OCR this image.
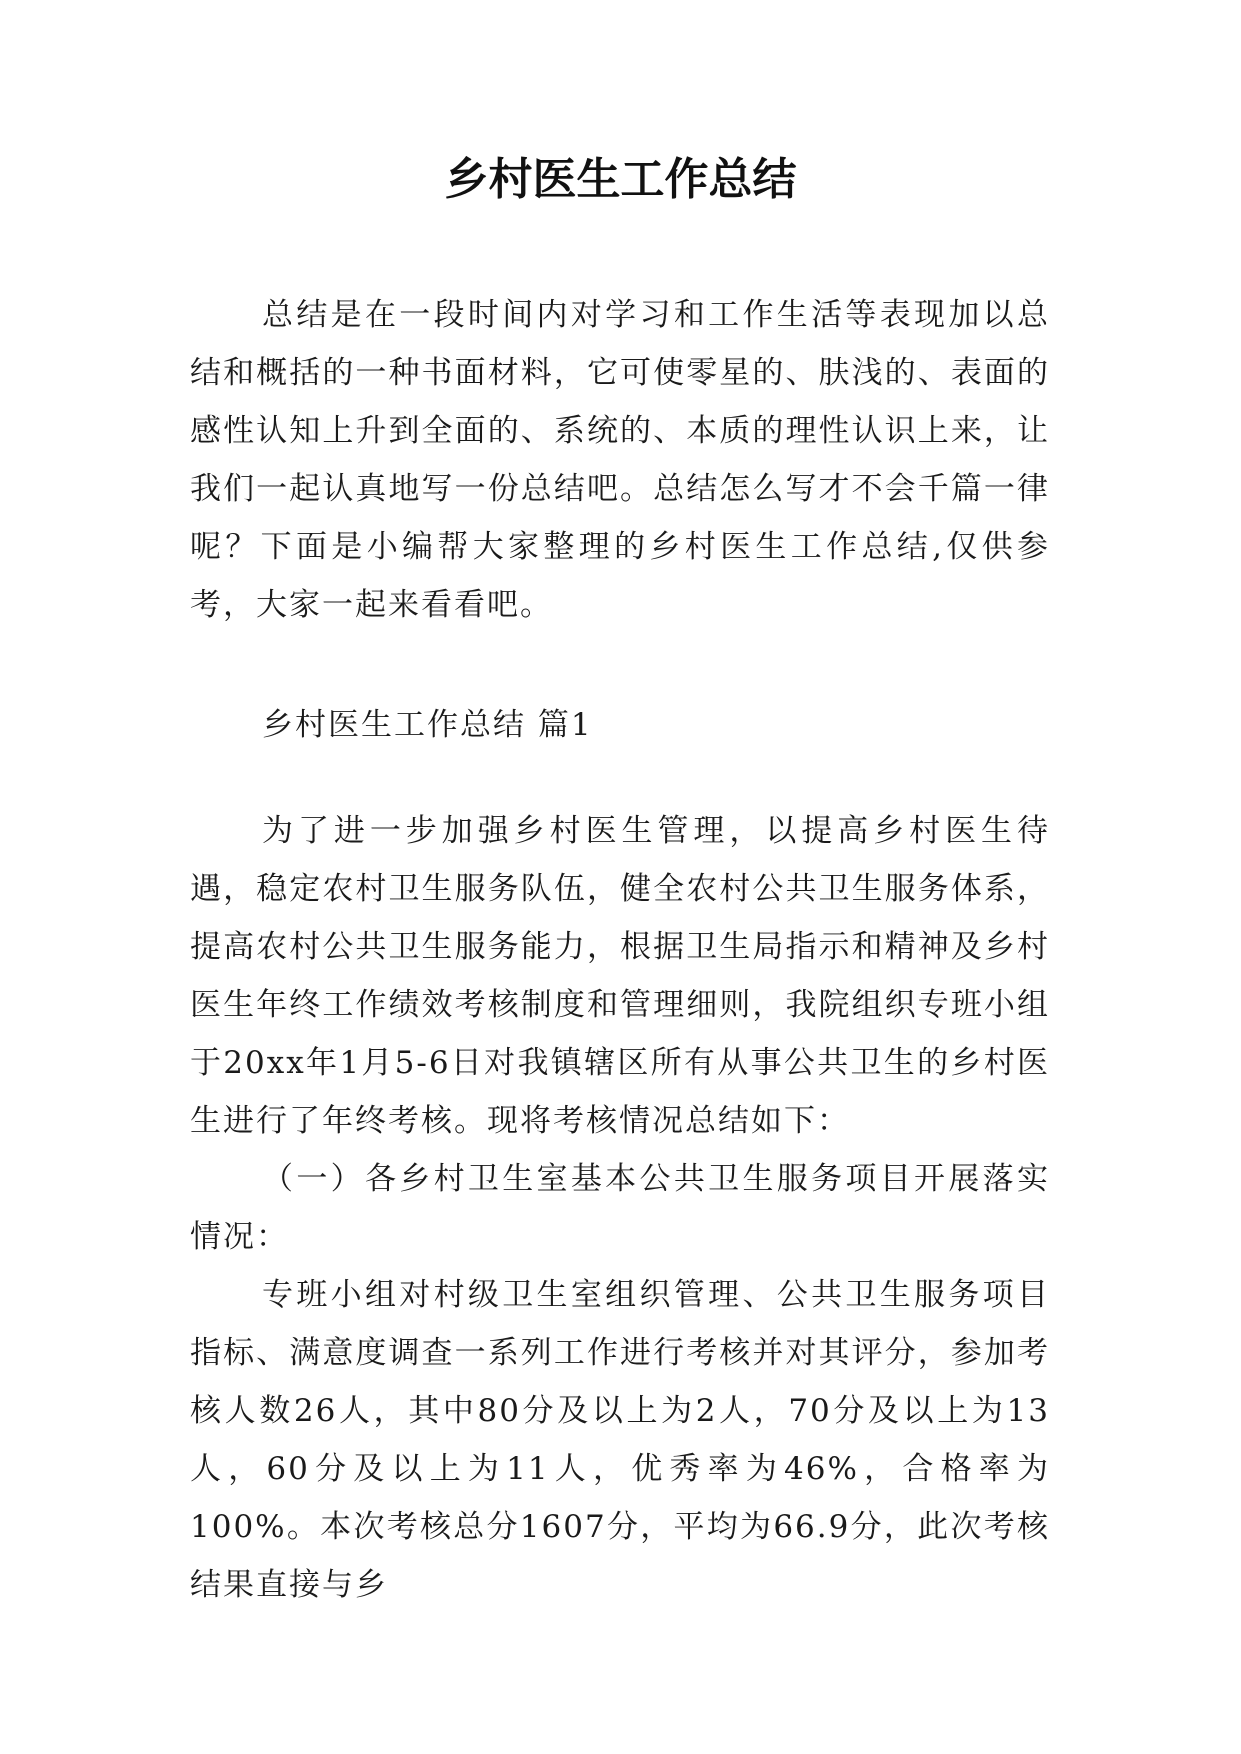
乡村医生工作总结

总结是在一段时间内对学习和工作生活等表现加以总结和概括的一种书面材料，它可使零星的、肤浅的、表面的感性认知上升到全面的、系统的、本质的理性认识上来，让我们一起认真地写一份总结吧。总结怎么写才不会千篇一律呢？下面是小编帮大家整理的乡村医生工作总结,仅供参考，大家一起来看看吧。

乡村医生工作总结 篇1

为了进一步加强乡村医生管理，以提高乡村医生待遇，稳定农村卫生服务队伍，健全农村公共卫生服务体系，提高农村公共卫生服务能力，根据卫生局指示和精神及乡村医生年终工作绩效考核制度和管理细则，我院组织专班小组于20xx年1月5-6日对我镇辖区所有从事公共卫生的乡村医生进行了年终考核。现将考核情况总结如下：

（一）各乡村卫生室基本公共卫生服务项目开展落实情况：

专班小组对村级卫生室组织管理、公共卫生服务项目指标、满意度调查一系列工作进行考核并对其评分，参加考核人数26人，其中80分及以上为2人，70分及以上为13人，60分及以上为11人，优秀率为46%，合格率为100%。本次考核总分1607分，平均为66.9分，此次考核结果直接与乡
